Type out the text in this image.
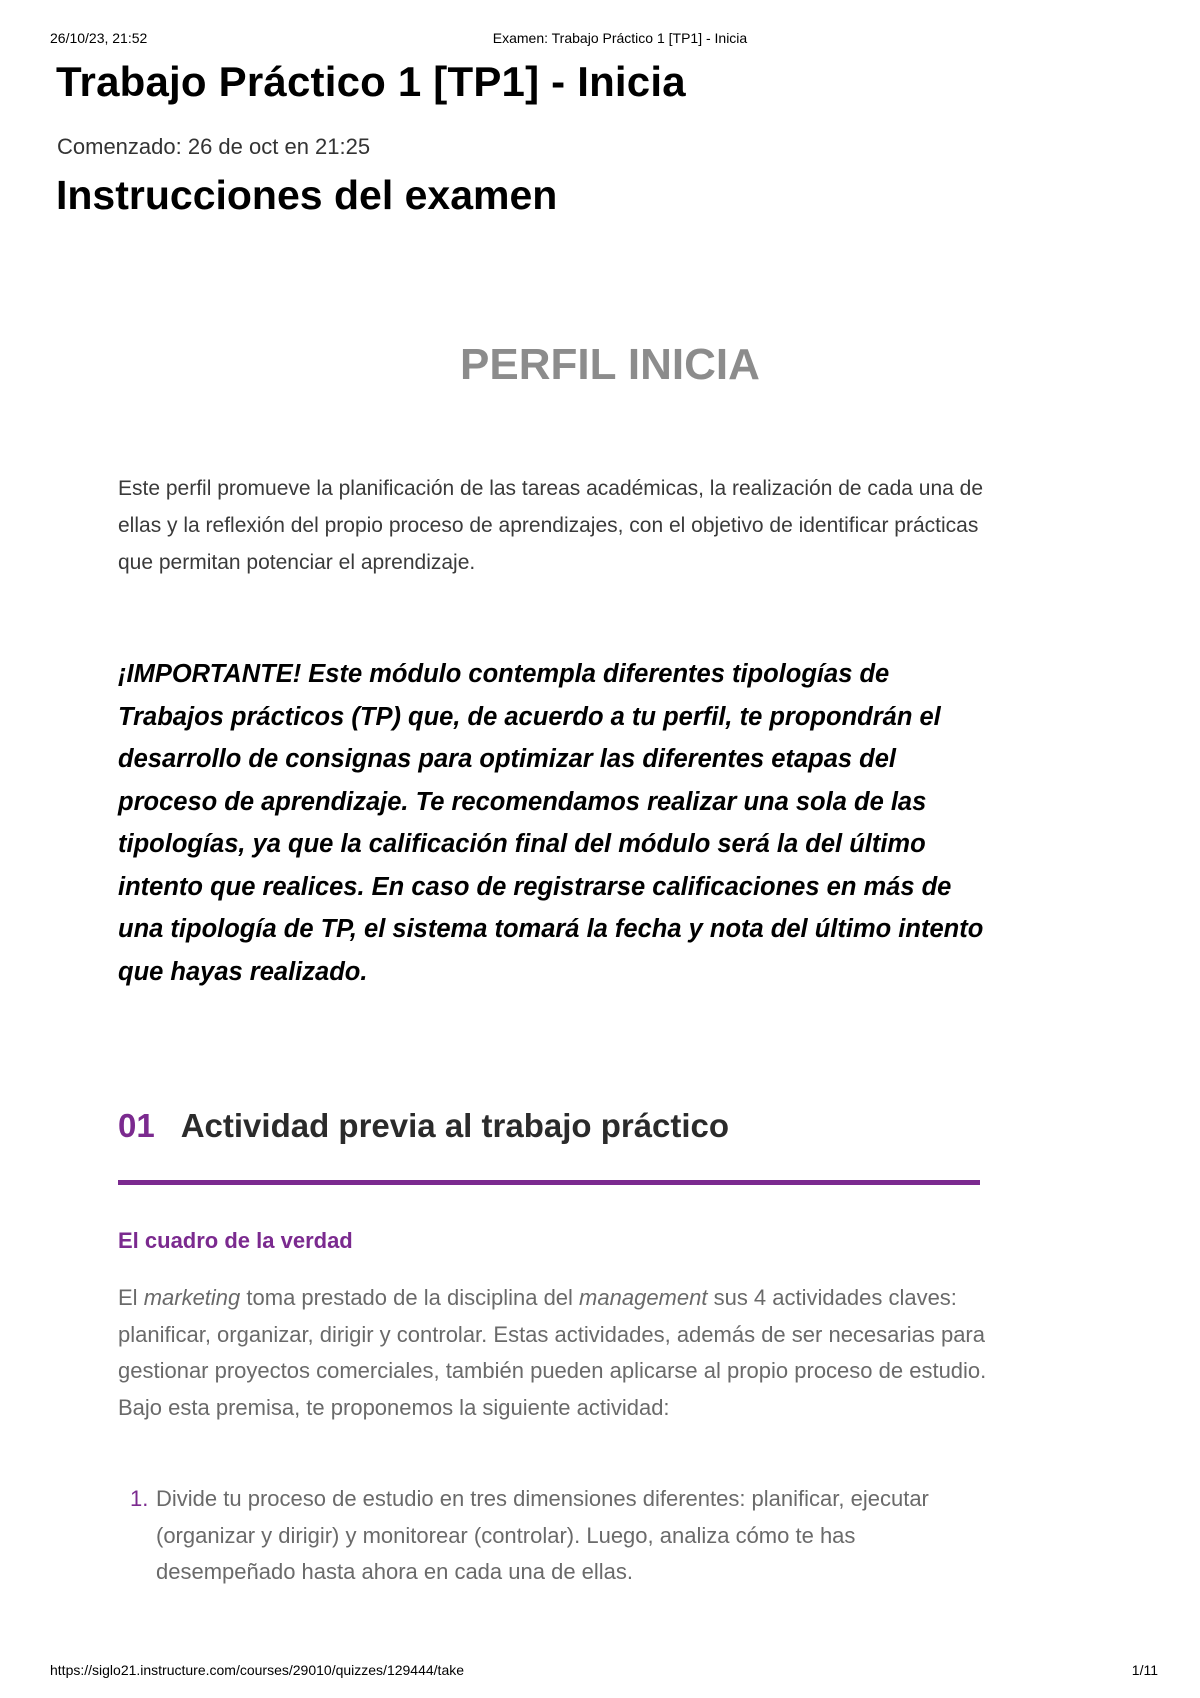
26/10/23, 21:52	Examen: Trabajo Práctico 1 [TP1] - Inicia
Trabajo Práctico 1 [TP1] - Inicia
Comenzado: 26 de oct en 21:25
Instrucciones del examen
PERFIL INICIA

Este perfil promueve la planificación de las tareas académicas, la realización de cada una de ellas y la reflexión del propio proceso de aprendizajes, con el objetivo de identificar prácticas que permitan potenciar el aprendizaje.

¡IMPORTANTE! Este módulo contempla diferentes tipologías de Trabajos prácticos (TP) que, de acuerdo a tu perfil, te propondrán el desarrollo de consignas para optimizar las diferentes etapas del proceso de aprendizaje. Te recomendamos realizar una sola de las tipologías, ya que la calificación final del módulo será la del último intento que realices. En caso de registrarse calificaciones en más de una tipología de TP, el sistema tomará la fecha y nota del último intento que hayas realizado.

01 Actividad previa al trabajo práctico
El cuadro de la verdad

El marketing toma prestado de la disciplina del management sus 4 actividades claves: planificar, organizar, dirigir y controlar. Estas actividades, además de ser necesarias para gestionar proyectos comerciales, también pueden aplicarse al propio proceso de estudio. Bajo esta premisa, te proponemos la siguiente actividad:

1. Divide tu proceso de estudio en tres dimensiones diferentes: planificar, ejecutar (organizar y dirigir) y monitorear (controlar). Luego, analiza cómo te has desempeñado hasta ahora en cada una de ellas.
https://siglo21.instructure.com/courses/29010/quizzes/129444/take	1/11
